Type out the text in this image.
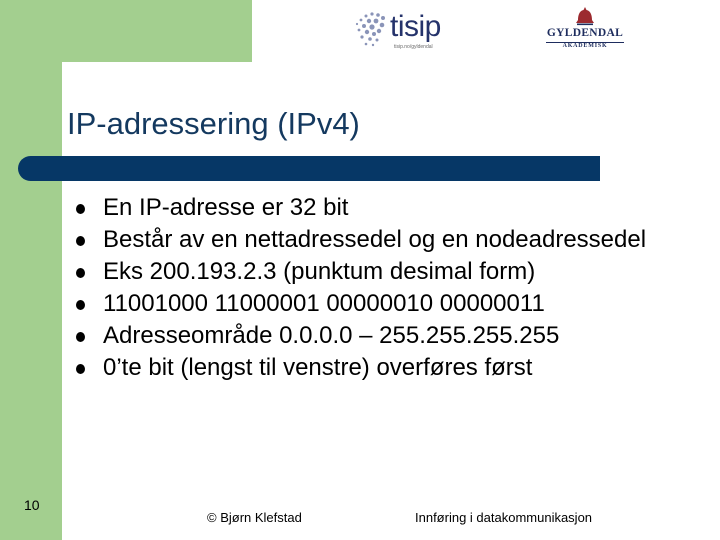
tisip
tisip.no/gyldendal
GYLDENDAL
AKADEMISK
IP-adressering (IPv4)
En IP-adresse er 32 bit
Består av en nettadressedel og en nodeadressedel
Eks 200.193.2.3 (punktum desimal form)
11001000 11000001 00000010 00000011
Adresseområde 0.0.0.0 – 255.255.255.255
0’te bit (lengst til venstre) overføres først
10
© Bjørn Klefstad	Innføring i datakommunikasjon
